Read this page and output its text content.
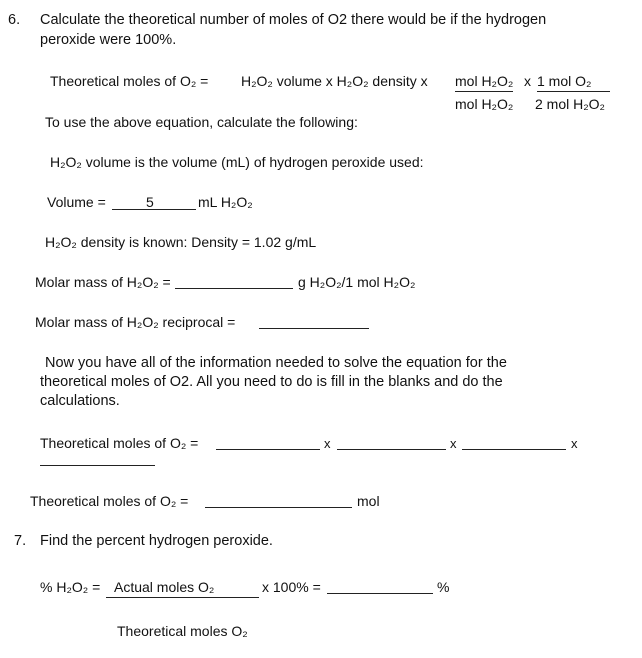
6. Calculate the theoretical number of moles of O2 there would be if the hydrogen
peroxide were 100%.
Theoretical moles of O₂ = H₂O₂ volume x H₂O₂ density x mol H₂O₂ x 1 mol O₂
mol H₂O₂ 2 mol H₂O₂
To use the above equation, calculate the following:
H₂O₂ volume is the volume (mL) of hydrogen peroxide used:
Volume =	5	mL H₂O₂
H₂O₂ density is known: Density = 1.02 g/mL
Molar mass of H₂O₂ =	g H₂O₂/1 mol H₂O₂
Molar mass of H₂O₂ reciprocal =
Now you have all of the information needed to solve the equation for the
theoretical moles of O2. All you need to do is fill in the blanks and do the
calculations.
Theoretical moles of O₂ =	x	x	x
Theoretical moles of O₂ =	mol
7. Find the percent hydrogen peroxide.
% H₂O₂ = Actual moles O₂	x 100% =	%
Theoretical moles O₂
